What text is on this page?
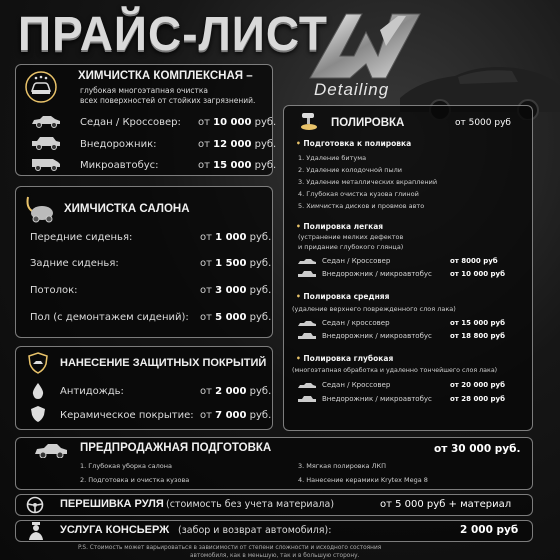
ПРАЙС-ЛИСТ
Detailing
ХИМЧИСТКА КОМПЛЕКСНАЯ –
глубокая многоэтапная очистка
всех поверхностей от стойких загрязнений.
Седан / Кроссовер: от 10 000 руб.
Внедорожник:	от 12 000 руб.
Микроавтобус:	от 15 000 руб.
ХИМЧИСТКА САЛОНА
Передние сиденья:	от 1 000 руб.
Задние сиденья:	от 1 500 руб.
Потолок:	от 3 000 руб.
Пол (с демонтажем сидений): от 5 000 руб.
НАНЕСЕНИЕ ЗАЩИТНЫХ ПОКРЫТИЙ
Антидождь:	от 2 000 руб.
Керамическое покрытие: от 7 000 руб.
ПОЛИРОВКА	от 5000 руб
• Подготовка к полировка
1. Удаление битума
2. Удаление колодочной пыли
3. Удаление металлических вкраплений
4. Глубокая очистка кузова глиной
5. Химчистка дисков и провмов авто
• Полировка легкая
(устранение мелких дефектов
и придание глубокого глянца)
Седан / Кроссовер	от 8000 руб
Внедорожник / микроавтобус	от 10 000 руб
• Полировка средняя
(удаление верхнего поврежденного слоя лака)
Седан / кроссовер	от 15 000 руб
Внедорожник / микроавтобус	от 18 800 руб
• Полировка глубокая
(многоэтапная обработка и удаленно тончейшего слоя лака)
Седан / Кроссовер	от 20 000 руб
Внедорожник / микроавтобус	от 28 000 руб
ПРЕДПРОДАЖНАЯ ПОДГОТОВКА	от 30 000 руб.
1. Глубокая уборка салона
2. Подготовка и очистка кузова
3. Мягкая полировка ЛКП
4. Нанесение керамики Krytex Mega 8
ПЕРЕШИВКА РУЛЯ (стоимость без учета материала)	от 5 000 руб + материал
УСЛУГА КОНСЬЕРЖ (забор и возврат автомобиля):	2 000 руб
P.S. Стоимость может варьироваться в зависимости от степени сложности и исходного состояния
автомобиля, как в меньшую, так и в большую сторону.
